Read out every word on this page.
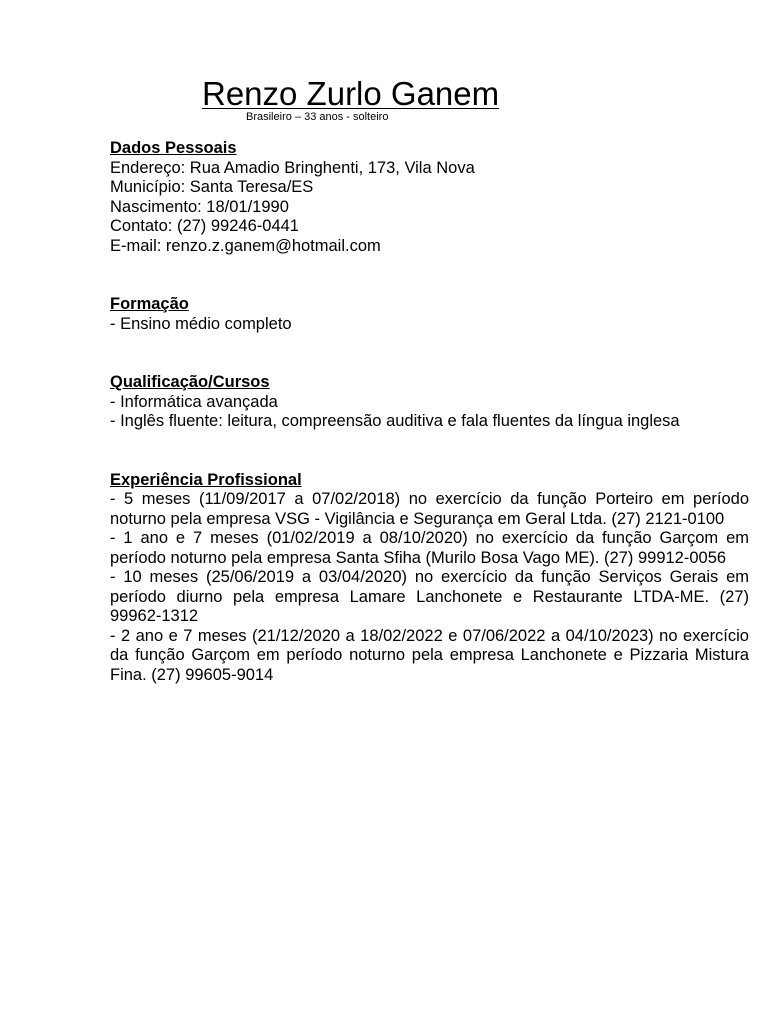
Renzo Zurlo Ganem
Brasileiro – 33 anos - solteiro

Dados Pessoais

Endereço: Rua Amadio Bringhenti, 173, Vila Nova

Município: Santa Teresa/ES

Nascimento: 18/01/1990

Contato: (27) 99246-0441

E-mail: renzo.z.ganem@hotmail.com

Formação

- Ensino médio completo

Qualificação/Cursos

- Informática avançada

- Inglês fluente: leitura, compreensão auditiva e fala fluentes da língua inglesa

Experiência Profissional

- 5 meses (11/09/2017 a 07/02/2018) no exercício da função Porteiro em período noturno pela empresa VSG - Vigilância e Segurança em Geral Ltda. (27) 2121-0100

- 1 ano e 7 meses (01/02/2019 a 08/10/2020) no exercício da função Garçom em período noturno pela empresa Santa Sfiha (Murilo Bosa Vago ME). (27) 99912-0056

- 10 meses (25/06/2019 a 03/04/2020) no exercício da função Serviços Gerais em período diurno pela empresa Lamare Lanchonete e Restaurante LTDA-ME. (27) 99962-1312

- 2 ano e 7 meses (21/12/2020 a 18/02/2022 e 07/06/2022 a 04/10/2023) no exercício da função Garçom em período noturno pela empresa Lanchonete e Pizzaria Mistura Fina. (27) 99605-9014
